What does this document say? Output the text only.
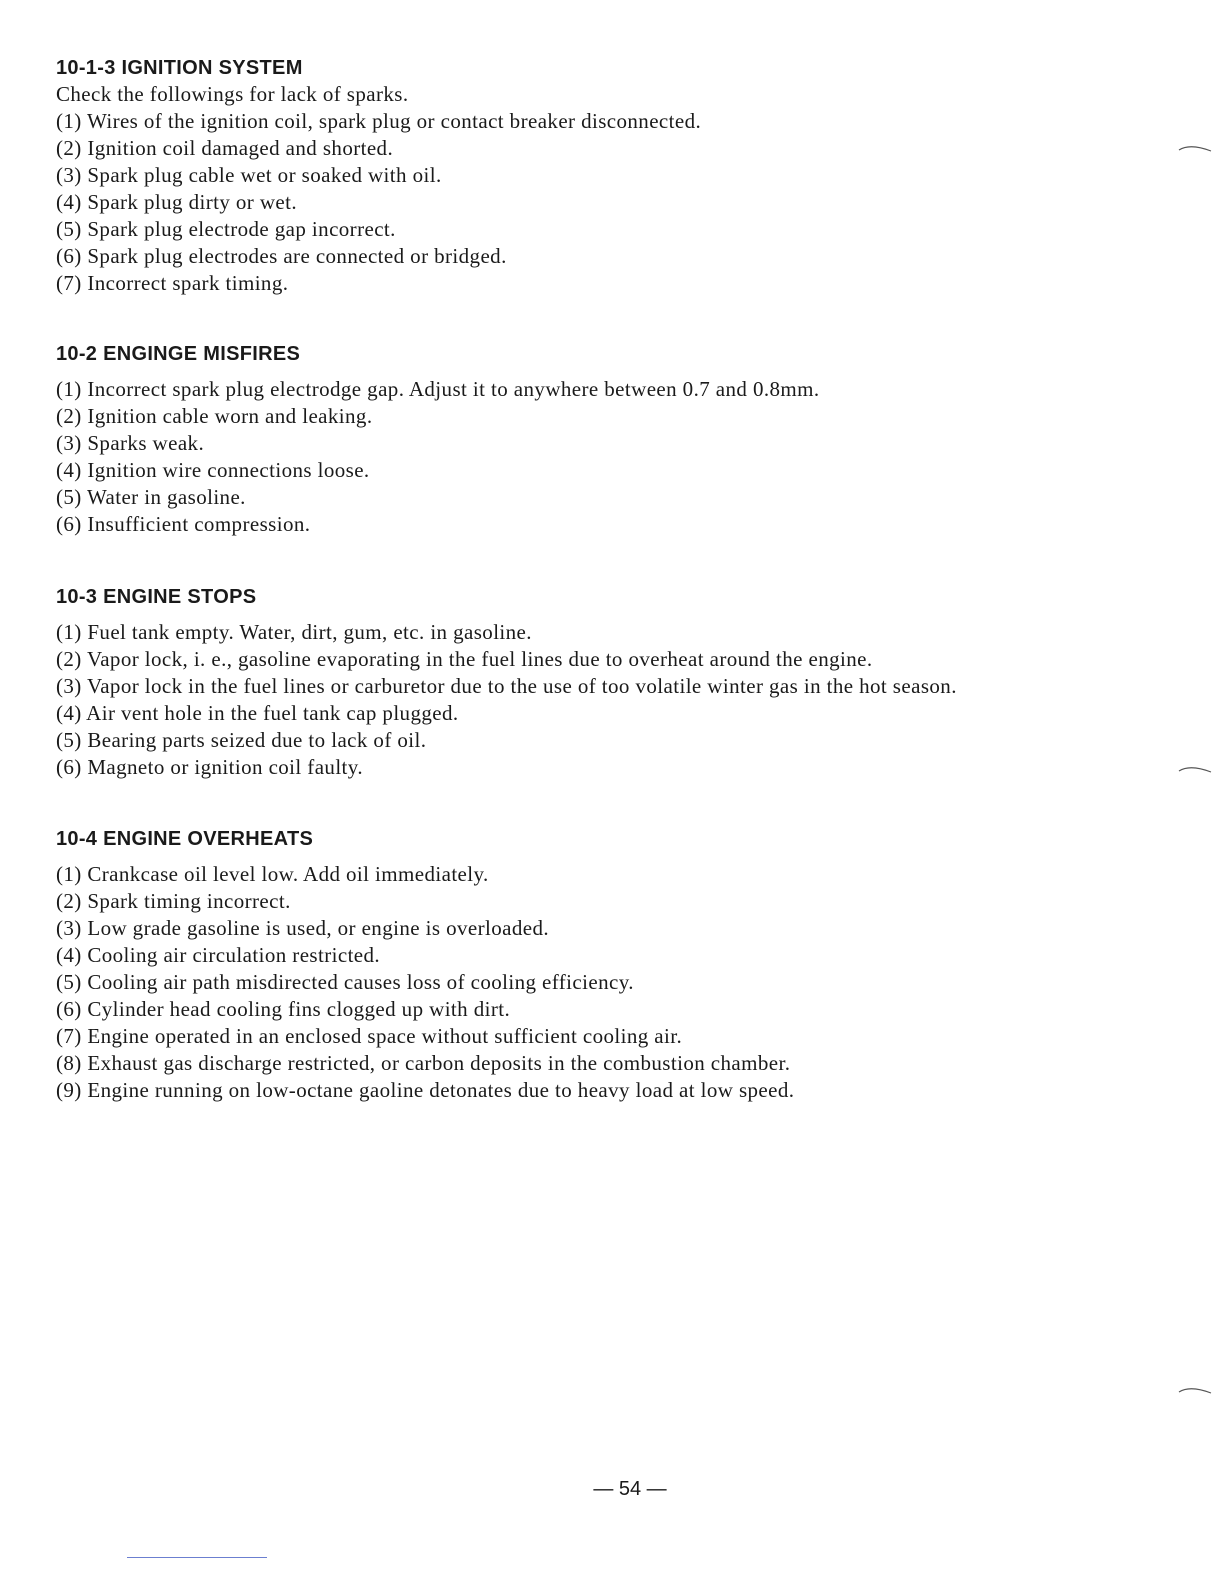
10-1-3 IGNITION SYSTEM

Check the followings for lack of sparks.

(1) Wires of the ignition coil, spark plug or contact breaker disconnected.
(2) Ignition coil damaged and shorted.
(3) Spark plug cable wet or soaked with oil.
(4) Spark plug dirty or wet.
(5) Spark plug electrode gap incorrect.
(6) Spark plug electrodes are connected or bridged.
(7) Incorrect spark timing.
10-2 ENGINGE MISFIRES
(1) Incorrect spark plug electrodge gap. Adjust it to anywhere between 0.7 and 0.8mm.
(2) Ignition cable worn and leaking.
(3) Sparks weak.
(4) Ignition wire connections loose.
(5) Water in gasoline.
(6) Insufficient compression.
10-3 ENGINE STOPS
(1) Fuel tank empty. Water, dirt, gum, etc. in gasoline.
(2) Vapor lock, i. e., gasoline evaporating in the fuel lines due to overheat around the engine.
(3) Vapor lock in the fuel lines or carburetor due to the use of too volatile winter gas in the hot season.
(4) Air vent hole in the fuel tank cap plugged.
(5) Bearing parts seized due to lack of oil.
(6) Magneto or ignition coil faulty.
10-4 ENGINE OVERHEATS
(1) Crankcase oil level low. Add oil immediately.
(2) Spark timing incorrect.
(3) Low grade gasoline is used, or engine is overloaded.
(4) Cooling air circulation restricted.
(5) Cooling air path misdirected causes loss of cooling efficiency.
(6) Cylinder head cooling fins clogged up with dirt.
(7) Engine operated in an enclosed space without sufficient cooling air.
(8) Exhaust gas discharge restricted, or carbon deposits in the combustion chamber.
(9) Engine running on low-octane gaoline detonates due to heavy load at low speed.
— 54 —
